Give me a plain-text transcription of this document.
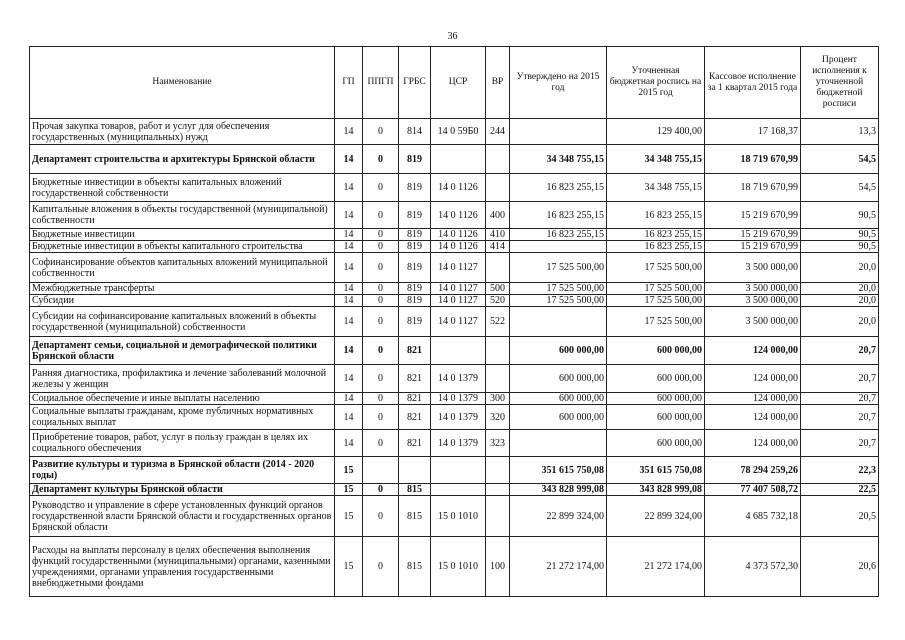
36
Наименование	ГП	ППГП	ГРБС	ЦСР	ВР	Утверждено на 2015 год	Уточненная бюджетная роспись на 2015 год	Кассовое исполнение за 1 квартал 2015 года	Процент исполнения к уточненной бюджетной росписи
Прочая закупка товаров, работ и услуг для обеспечения государственных (муниципальных) нужд	14	0	814	14 0 59Б0	244		129 400,00	17 168,37	13,3
Департамент строительства и архитектуры Брянской области	14	0	819			34 348 755,15	34 348 755,15	18 719 670,99	54,5
Бюджетные инвестиции в объекты капитальных вложений государственной собственности	14	0	819	14 0 1126		16 823 255,15	34 348 755,15	18 719 670,99	54,5
Капитальные вложения в объекты государственной (муниципальной) собственности	14	0	819	14 0 1126	400	16 823 255,15	16 823 255,15	15 219 670,99	90,5
Бюджетные инвестиции	14	0	819	14 0 1126	410	16 823 255,15	16 823 255,15	15 219 670,99	90,5
Бюджетные инвестиции в объекты капитального строительства	14	0	819	14 0 1126	414		16 823 255,15	15 219 670,99	90,5
Софинансирование объектов капитальных вложений муниципальной собственности	14	0	819	14 0 1127		17 525 500,00	17 525 500,00	3 500 000,00	20,0
Межбюджетные трансферты	14	0	819	14 0 1127	500	17 525 500,00	17 525 500,00	3 500 000,00	20,0
Субсидии	14	0	819	14 0 1127	520	17 525 500,00	17 525 500,00	3 500 000,00	20,0
Субсидии на софинансирование капитальных вложений в объекты государственной (муниципальной) собственности	14	0	819	14 0 1127	522		17 525 500,00	3 500 000,00	20,0
Департамент семьи, социальной и демографической политики Брянской области	14	0	821			600 000,00	600 000,00	124 000,00	20,7
Ранняя диагностика, профилактика и лечение заболеваний молочной железы у женщин	14	0	821	14 0 1379		600 000,00	600 000,00	124 000,00	20,7
Социальное обеспечение и иные выплаты населению	14	0	821	14 0 1379	300	600 000,00	600 000,00	124 000,00	20,7
Социальные выплаты гражданам, кроме публичных нормативных социальных выплат	14	0	821	14 0 1379	320	600 000,00	600 000,00	124 000,00	20,7
Приобретение товаров, работ, услуг в пользу граждан в целях их социального обеспечения	14	0	821	14 0 1379	323		600 000,00	124 000,00	20,7
Развитие культуры и туризма в Брянской области (2014 - 2020 годы)	15					351 615 750,08	351 615 750,08	78 294 259,26	22,3
Департамент культуры Брянской области	15	0	815			343 828 999,08	343 828 999,08	77 407 508,72	22,5
Руководство и управление в сфере установленных функций органов государственной власти Брянской области и государственных органов Брянской области	15	0	815	15 0 1010		22 899 324,00	22 899 324,00	4 685 732,18	20,5
Расходы на выплаты персоналу в целях обеспечения выполнения функций государственными (муниципальными) органами, казенными учреждениями, органами управления государственными внебюджетными фондами	15	0	815	15 0 1010	100	21 272 174,00	21 272 174,00	4 373 572,30	20,6
